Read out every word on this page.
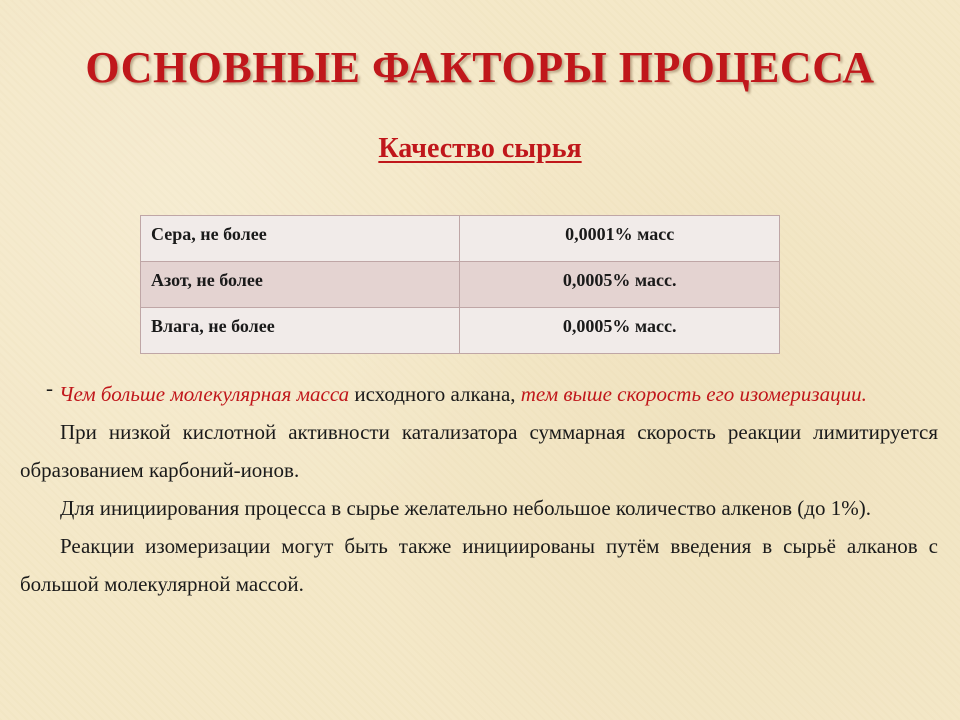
ОСНОВНЫЕ ФАКТОРЫ ПРОЦЕССА
Качество сырья
Сера, не более	0,0001% масс
Азот, не более	0,0005% масс.
Влага, не более	0,0005% масс.

- Чем больше молекулярная масса исходного алкана, тем выше скорость его изомеризации.

При низкой кислотной активности катализатора суммарная скорость реакции лимитируется образованием карбоний-ионов.

Для инициирования процесса в сырье желательно небольшое количество алкенов (до 1%).

Реакции изомеризации могут быть также инициированы путём введения в сырьё алканов с большой молекулярной массой.
